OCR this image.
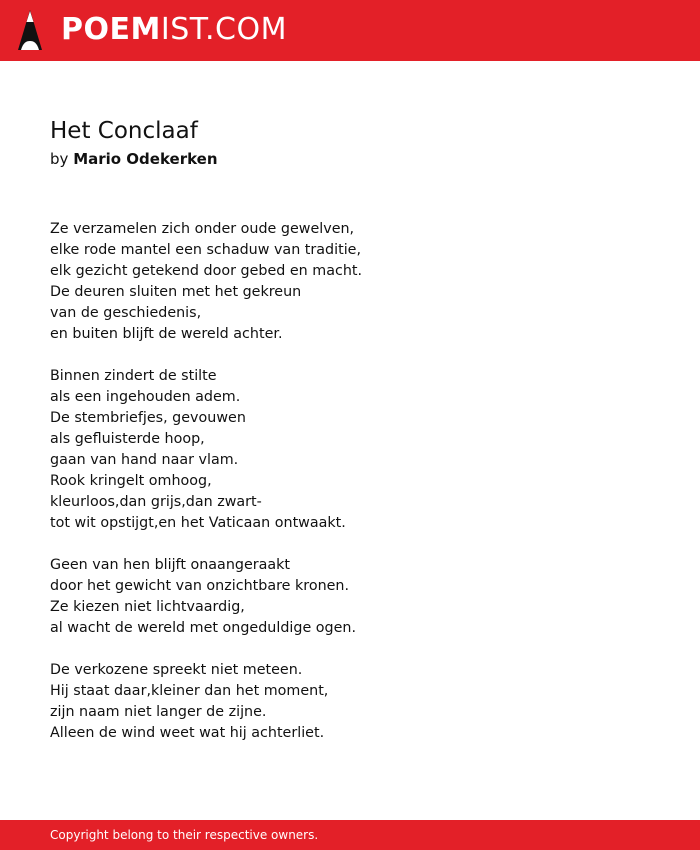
POEMIST.COM
Het Conclaaf
by Mario Odekerken

Ze verzamelen zich onder oude gewelven,
elke rode mantel een schaduw van traditie,
elk gezicht getekend door gebed en macht.
De deuren sluiten met het gekreun
van de geschiedenis,
en buiten blijft de wereld achter.

Binnen zindert de stilte
als een ingehouden adem.
De stembriefjes, gevouwen
als gefluisterde hoop,
gaan van hand naar vlam.
Rook kringelt omhoog,
kleurloos,dan grijs,dan zwart-
tot wit opstijgt,en het Vaticaan ontwaakt.

Geen van hen blijft onaangeraakt
door het gewicht van onzichtbare kronen.
Ze kiezen niet lichtvaardig,
al wacht de wereld met ongeduldige ogen.

De verkozene spreekt niet meteen.
Hij staat daar,kleiner dan het moment,
zijn naam niet langer de zijne.
Alleen de wind weet wat hij achterliet.

Copyright belong to their respective owners.
